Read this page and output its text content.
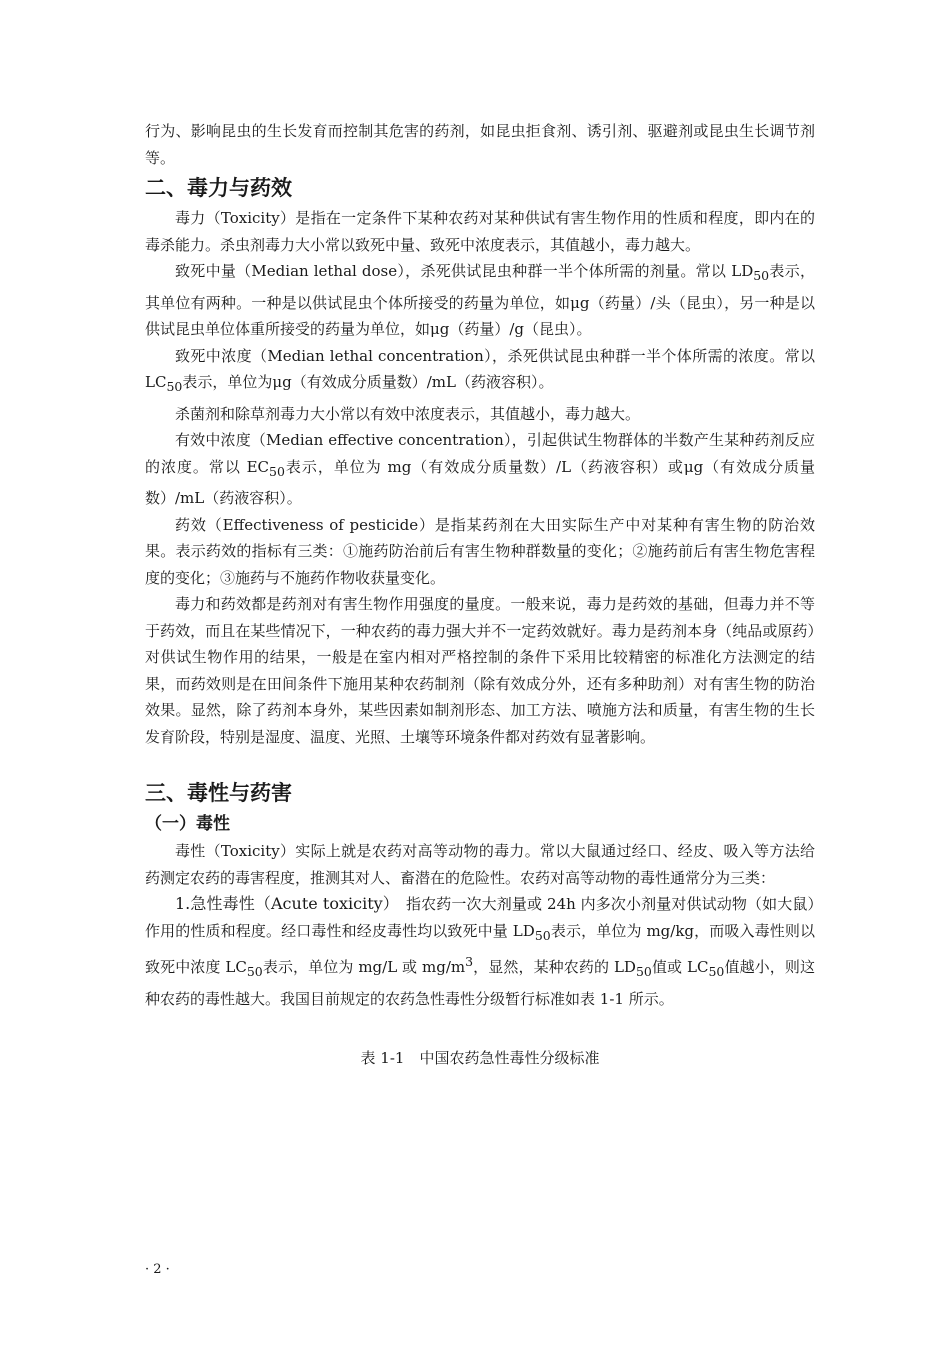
行为、影响昆虫的生长发育而控制其危害的药剂，如昆虫拒食剂、诱引剂、驱避剂或昆虫生长调节剂等。

二、毒力与药效

毒力（Toxicity）是指在一定条件下某种农药对某种供试有害生物作用的性质和程度，即内在的毒杀能力。杀虫剂毒力大小常以致死中量、致死中浓度表示，其值越小，毒力越大。

致死中量（Median lethal dose），杀死供试昆虫种群一半个体所需的剂量。常以 $LD_{50}$表示，其单位有两种。一种是以供试昆虫个体所接受的药量为单位，如μg（药量）/头（昆虫），另一种是以供试昆虫单位体重所接受的药量为单位，如μg（药量）/g（昆虫）。

致死中浓度（Median lethal concentration），杀死供试昆虫种群一半个体所需的浓度。常以 $LC_{50}$表示，单位为μg（有效成分质量数）/mL（药液容积）。

杀菌剂和除草剂毒力大小常以有效中浓度表示，其值越小，毒力越大。

有效中浓度（Median effective concentration），引起供试生物群体的半数产生某种药剂反应的浓度。常以 $EC_{50}$表示，单位为 mg（有效成分质量数）/L（药液容积）或μg（有效成分质量数）/mL（药液容积）。

药效（Effectiveness of pesticide）是指某药剂在大田实际生产中对某种有害生物的防治效果。表示药效的指标有三类：①施药防治前后有害生物种群数量的变化；②施药前后有害生物危害程度的变化；③施药与不施药作物收获量变化。

毒力和药效都是药剂对有害生物作用强度的量度。一般来说，毒力是药效的基础，但毒力并不等于药效，而且在某些情况下，一种农药的毒力强大并不一定药效就好。毒力是药剂本身（纯品或原药）对供试生物作用的结果，一般是在室内相对严格控制的条件下采用比较精密的标准化方法测定的结果，而药效则是在田间条件下施用某种农药制剂（除有效成分外，还有多种助剂）对有害生物的防治效果。显然，除了药剂本身外，某些因素如制剂形态、加工方法、喷施方法和质量，有害生物的生长发育阶段，特别是湿度、温度、光照、土壤等环境条件都对药效有显著影响。

三、毒性与药害
（一）毒性

毒性（Toxicity）实际上就是农药对高等动物的毒力。常以大鼠通过经口、经皮、吸入等方法给药测定农药的毒害程度，推测其对人、畜潜在的危险性。农药对高等动物的毒性通常分为三类：

1.急性毒性（Acute toxicity）　指农药一次大剂量或 24h 内多次小剂量对供试动物（如大鼠）作用的性质和程度。经口毒性和经皮毒性均以致死中量 $LD_{50}$表示，单位为 mg/kg，而吸入毒性则以致死中浓度 $LC_{50}$表示，单位为 mg/L 或 $mg/m^3$，显然，某种农药的 $LD_{50}$值或 $LC_{50}$值越小，则这种农药的毒性越大。我国目前规定的农药急性毒性分级暂行标准如表 1-1 所示。

表 1-1　中国农药急性毒性分级标准

· 2 ·
